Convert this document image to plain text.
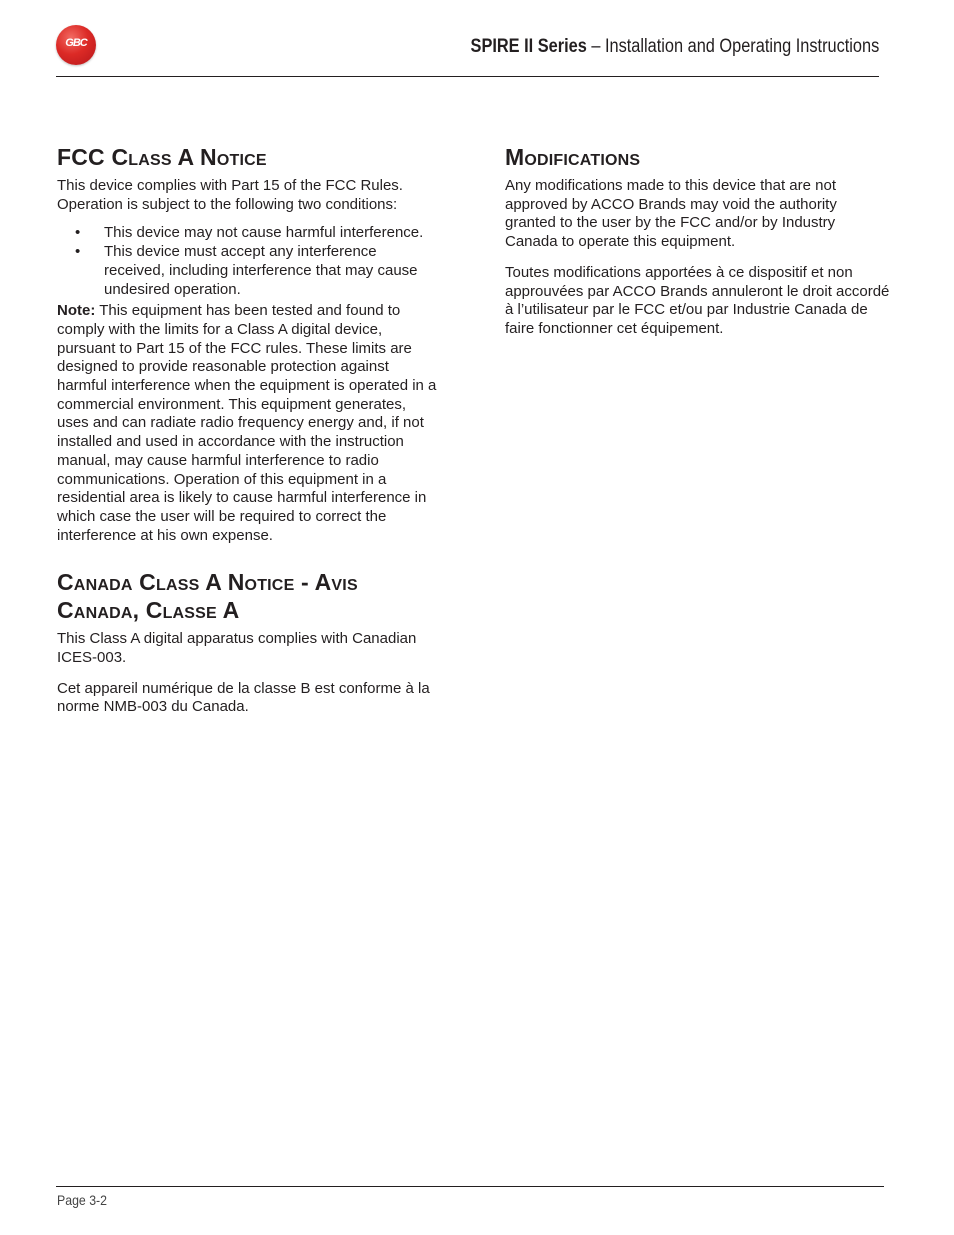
GBC	SPIRE II Series – Installation and Operating Instructions
FCC Class A Notice

This device complies with Part 15 of the FCC Rules. Operation is subject to the following two conditions:

• This device may not cause harmful interference.
• This device must accept any interference received, including interference that may cause undesired operation.

Note: This equipment has been tested and found to comply with the limits for a Class A digital device, pursuant to Part 15 of the FCC rules. These limits are designed to provide reasonable protection against harmful interference when the equipment is operated in a commercial environment. This equipment generates, uses and can radiate radio frequency energy and, if not installed and used in accordance with the instruction manual, may cause harmful interference to radio communications. Operation of this equipment in a residential area is likely to cause harmful interference in which case the user will be required to correct the interference at his own expense.

Canada Class A Notice - Avis
Canada, Classe A

This Class A digital apparatus complies with Canadian ICES-003.

Cet appareil numérique de la classe B est conforme à la norme NMB-003 du Canada.

Modifications

Any modifications made to this device that are not approved by ACCO Brands may void the authority granted to the user by the FCC and/or by Industry Canada to operate this equipment.

Toutes modifications apportées à ce dispositif et non approuvées par ACCO Brands annuleront le droit accordé à l’utilisateur par le FCC et/ou par Industrie Canada de faire fonctionner cet équipement.

Page 3-2
